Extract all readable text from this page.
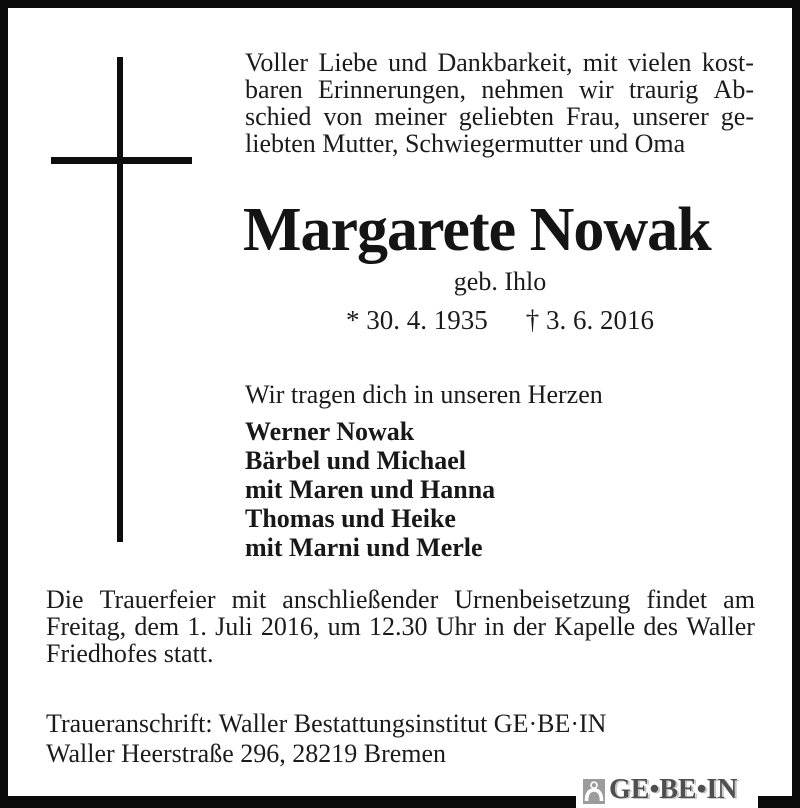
Voller Liebe und Dankbarkeit, mit vielen kost-
baren Erinnerungen, nehmen wir traurig Ab-
schied von meiner geliebten Frau, unserer ge-
liebten Mutter, Schwiegermutter und Oma
Margarete Nowak
geb. Ihlo
* 30. 4. 1935 † 3. 6. 2016
Wir tragen dich in unseren Herzen
Werner Nowak
Bärbel und Michael
mit Maren und Hanna
Thomas und Heike
mit Marni und Merle
Die Trauerfeier mit anschließender Urnenbeisetzung findet am
Freitag, dem 1. Juli 2016, um 12.30 Uhr in der Kapelle des Waller
Friedhofes statt.
Traueranschrift: Waller Bestattungsinstitut GE·BE·IN
Waller Heerstraße 296, 28219 Bremen
GE•BE•IN
